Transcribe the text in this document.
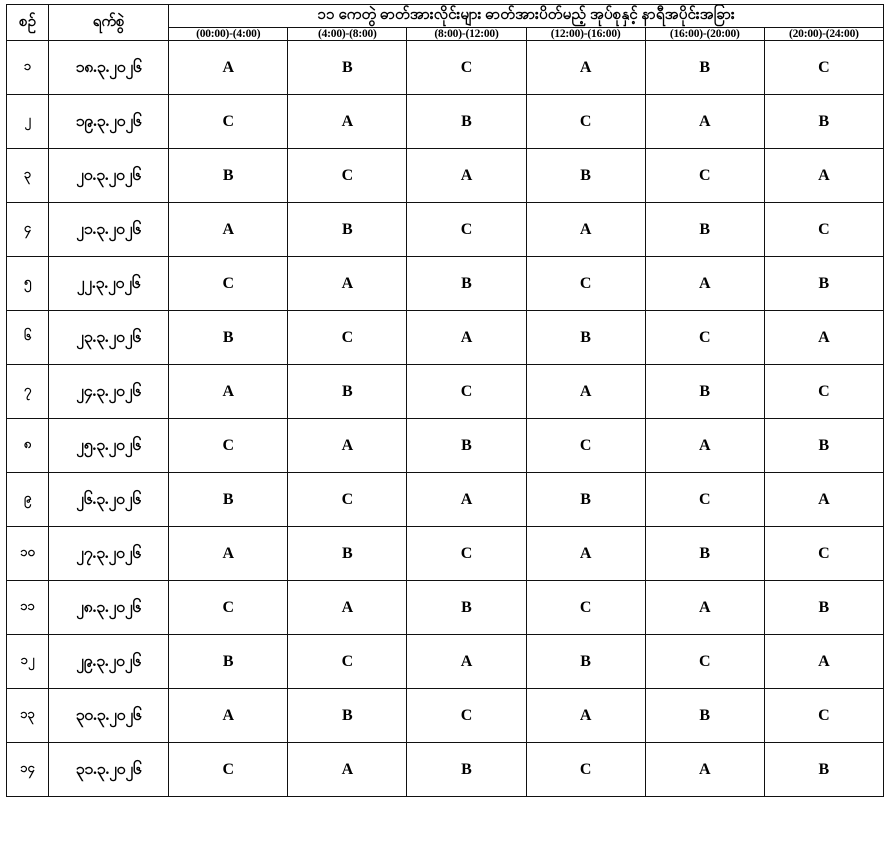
စဉ်	ရက်စွဲ	၁၁ ကေတွဲ ဓာတ်အားလိုင်းများ ဓာတ်အားပိတ်မည့် အုပ်စုနှင့် နာရီအပိုင်းအခြား					
		(00:00)-(4:00)	(4:00)-(8:00)	(8:00)-(12:00)	(12:00)-(16:00)	(16:00)-(20:00)	(20:00)-(24:00)
၁	၁၈.၃.၂၀၂၆	A	B	C	A	B	C
၂	၁၉.၃.၂၀၂၆	C	A	B	C	A	B
၃	၂၀.၃.၂၀၂၆	B	C	A	B	C	A
၄	၂၁.၃.၂၀၂၆	A	B	C	A	B	C
၅	၂၂.၃.၂၀၂၆	C	A	B	C	A	B
၆	၂၃.၃.၂၀၂၆	B	C	A	B	C	A
၇	၂၄.၃.၂၀၂၆	A	B	C	A	B	C
၈	၂၅.၃.၂၀၂၆	C	A	B	C	A	B
၉	၂၆.၃.၂၀၂၆	B	C	A	B	C	A
၁၀	၂၇.၃.၂၀၂၆	A	B	C	A	B	C
၁၁	၂၈.၃.၂၀၂၆	C	A	B	C	A	B
၁၂	၂၉.၃.၂၀၂၆	B	C	A	B	C	A
၁၃	၃၀.၃.၂၀၂၆	A	B	C	A	B	C
၁၄	၃၁.၃.၂၀၂၆	C	A	B	C	A	B
